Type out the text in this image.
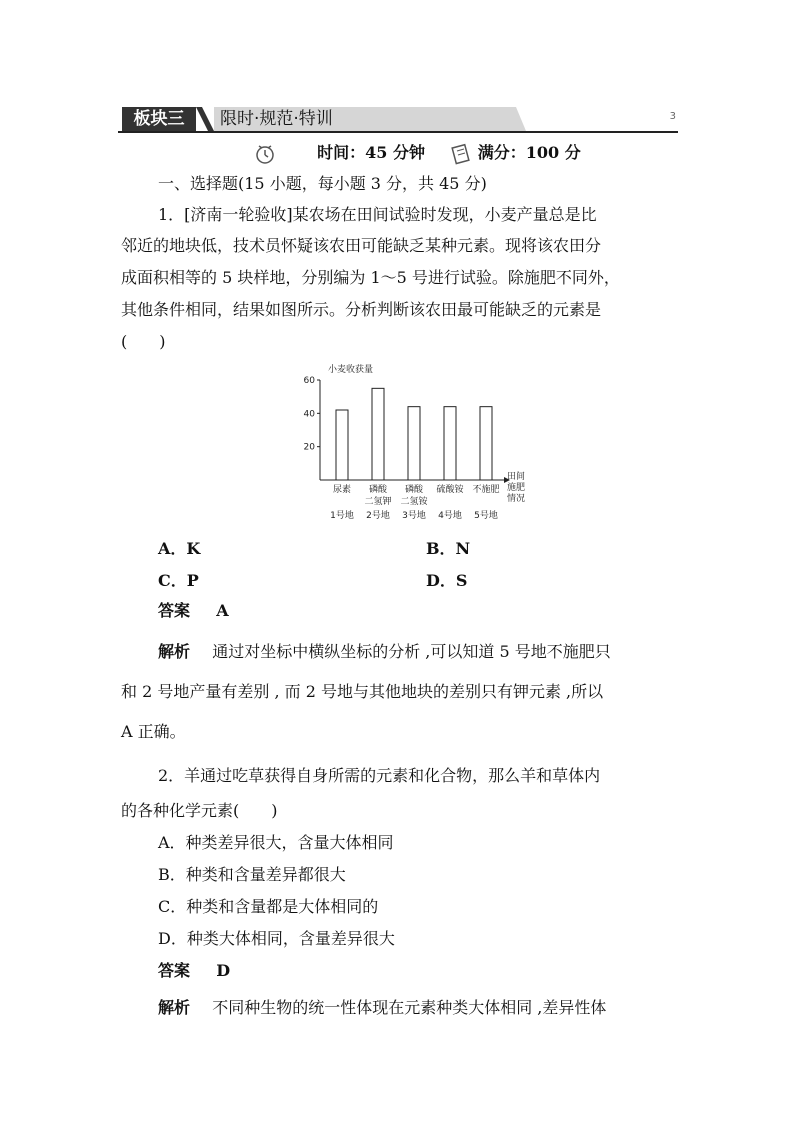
板块三	限时·规范·特训	3
时间：45 分钟	满分：100 分
一、选择题(15 小题，每小题 3 分，共 45 分)
1．[济南一轮验收]某农场在田间试验时发现，小麦产量总是比
邻近的地块低，技术员怀疑该农田可能缺乏某种元素。现将该农田分
成面积相等的 5 块样地，分别编为 1～5 号进行试验。除施肥不同外，
其他条件相同，结果如图所示。分析判断该农田最可能缺乏的元素是
(　　)
小麦收获量
20
40
60
尿素
1号地
磷酸
二氢钾
2号地
磷酸
二氢铵
3号地
硫酸铵
4号地
不施肥
5号地
田间
施肥
情况
A．K	B．N
C．P	D．S
答案 A
解析 通过对坐标中横纵坐标的分析 ,可以知道 5 号地不施肥只
和 2 号地产量有差别 , 而 2 号地与其他地块的差别只有钾元素 ,所以
A 正确。
2．羊通过吃草获得自身所需的元素和化合物，那么羊和草体内
的各种化学元素(　　)
A．种类差异很大，含量大体相同
B．种类和含量差异都很大
C．种类和含量都是大体相同的
D．种类大体相同，含量差异很大
答案 D
解析 不同种生物的统一性体现在元素种类大体相同 ,差异性体
